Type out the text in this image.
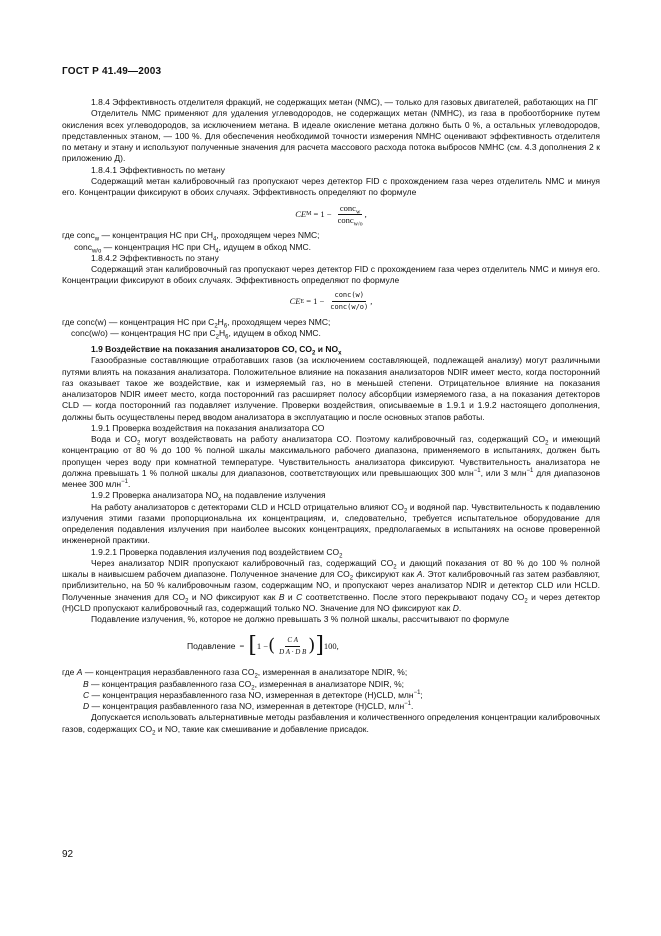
ГОСТ Р 41.49—2003

1.8.4 Эффективность отделителя фракций, не содержащих метан (NMC), — только для газовых двигателей, работающих на ПГ

Отделитель NMC применяют для удаления углеводородов, не содержащих метан (NMHC), из газа в пробоотборнике путем окисления всех углеводородов, за исключением метана. В идеале окисление метана должно быть 0 %, а остальных углеводородов, представленных этаном, — 100 %. Для обеспечения необходимой точности измерения NMHC оценивают эффективность отделителя по метану и этану и используют полученные значения для расчета массового расхода потока выбросов NMHC (см. 4.3 дополнения 2 к приложению Д).

1.8.4.1 Эффективность по метану

Содержащий метан калибровочный газ пропускают через детектор FID с прохождением газа через отделитель NMC и минуя его. Концентрации фиксируют в обоих случаях. Эффективность определяют по формуле

CE $M = 1 - \frac{conc_w}{conc_{w/o}}$ ,

где conc$_w$ — концентрация НС при $CH_4$, проходящем через NMC;

conc$_{w/o}$ — концентрация НС при $CH_4$, идущем в обход NMC.

1.8.4.2 Эффективность по этану

Содержащий этан калибровочный газ пропускают через детектор FID с прохождением газа через отделитель NMC и минуя его. Концентрации фиксируют в обоих случаях. Эффективность определяют по формуле

CE $E = 1 - \frac{\text{conc(w)}}{\text{conc(w/o)}}$ ,

где conc(w) — концентрация НС при $C_2H_6$, проходящем через NMC;

conc(w/o) — концентрация НС при $C_2H_6$, идущем в обход NMC.

1.9 Воздействие на показания анализаторов CO, $CO_2$ и $NO_x$

Газообразные составляющие отработавших газов (за исключением составляющей, подлежащей анализу) могут различными путями влиять на показания анализатора. Положительное влияние на показания анализаторов NDIR имеет место, когда посторонний газ оказывает такое же воздействие, как и измеряемый газ, но в меньшей степени. Отрицательное влияние на показания анализаторов NDIR имеет место, когда посторонний газ расширяет полосу абсорбции измеряемого газа, а на показания детекторов CLD — когда посторонний газ подавляет излучение. Проверки воздействия, описываемые в 1.9.1 и 1.9.2 настоящего дополнения, должны быть осуществлены перед вводом анализатора в эксплуатацию и после основных этапов работы.

1.9.1 Проверка воздействия на показания анализатора CO

Вода и $CO_2$ могут воздействовать на работу анализатора CO. Поэтому калибровочный газ, содержащий $CO_2$ и имеющий концентрацию от 80 % до 100 % полной шкалы максимального рабочего диапазона, применяемого в испытаниях, должен быть пропущен через воду при комнатной температуре. Чувствительность анализатора фиксируют. Чувствительность анализатора не должна превышать 1 % полной шкалы для диапазонов, соответствующих или превышающих 300 млн$^{-1}$, или 3 млн$^{-1}$ для диапазонов менее 300 млн$^{-1}$.

1.9.2 Проверка анализатора $NO_x$ на подавление излучения

На работу анализаторов с детекторами CLD и HCLD отрицательно влияют $CO_2$ и водяной пар. Чувствительность к подавлению излучения этими газами пропорциональна их концентрациям, и, следовательно, требуется испытательное оборудование для определения подавления излучения при наиболее высоких концентрациях, предполагаемых в испытаниях на основе проверенной инженерной практики.

1.9.2.1 Проверка подавления излучения под воздействием $CO_2$

Через анализатор NDIR пропускают калибровочный газ, содержащий $CO_2$ и дающий показания от 80 % до 100 % полной шкалы в наивысшем рабочем диапазоне. Полученное значение для $CO_2$ фиксируют как A. Этот калибровочный газ затем разбавляют, приблизительно, на 50 % калибровочным газом, содержащим NO, и пропускают через анализатор NDIR и детектор CLD или HCLD. Полученные значения для $CO_2$ и NO фиксируют как B и C соответственно. После этого перекрывают подачу $CO_2$ и через детектор (H)CLD пропускают калибровочный газ, содержащий только NO. Значение для NO фиксируют как D.

Подавление излучения, %, которое не должно превышать 3 % полной шкалы, рассчитывают по формуле

Подавление = [ 1 − ( $\frac{\text{C A}}{\text{D A · D B}}$ ) ] 100,

где A — концентрация неразбавленного газа $CO_2$, измеренная в анализаторе NDIR, %;

B — концентрация разбавленного газа $CO_2$, измеренная в анализаторе NDIR, %;

C — концентрация неразбавленного газа NO, измеренная в детекторе (H)CLD, млн$^{-1}$;

D — концентрация разбавленного газа NO, измеренная в детекторе (H)CLD, млн$^{-1}$.

Допускается использовать альтернативные методы разбавления и количественного определения концентрации калибровочных газов, содержащих $CO_2$ и NO, такие как смешивание и добавление присадок.

92
